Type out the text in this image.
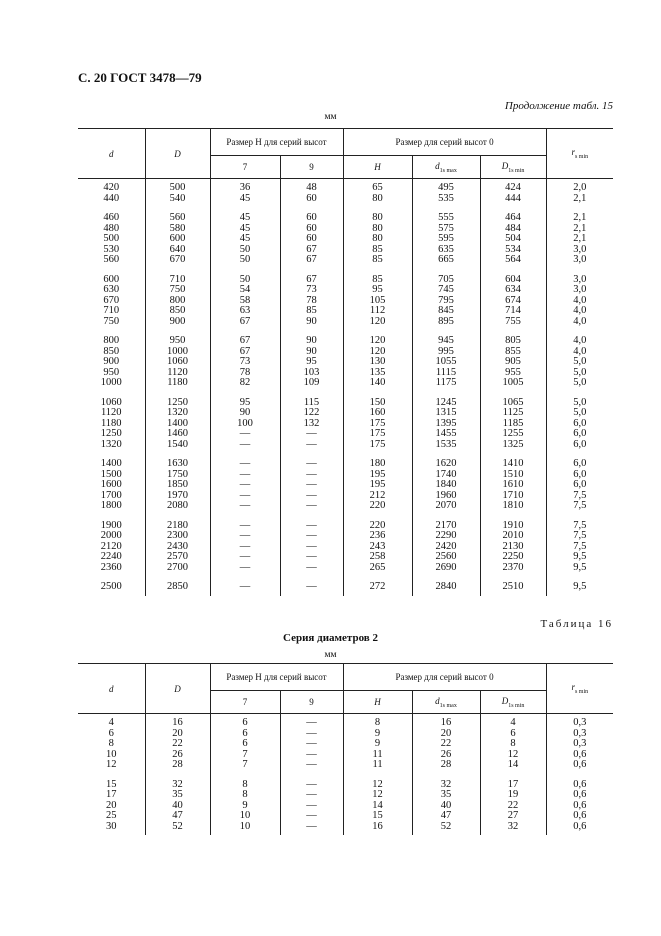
С. 20 ГОСТ 3478—79
Продолжение табл. 15
мм
d	D	Размер H для серий высот		Размер для серий высот 0			$r_{s min}$
		7	9	H	$d_{1s max}$	$D_{1s min}$
420	500	36	48	65	495	424	2,0
440	540	45	60	80	535	444	2,1

460	560	45	60	80	555	464	2,1
480	580	45	60	80	575	484	2,1
500	600	45	60	80	595	504	2,1
530	640	50	67	85	635	534	3,0
560	670	50	67	85	665	564	3,0

600	710	50	67	85	705	604	3,0
630	750	54	73	95	745	634	3,0
670	800	58	78	105	795	674	4,0
710	850	63	85	112	845	714	4,0
750	900	67	90	120	895	755	4,0

800	950	67	90	120	945	805	4,0
850	1000	67	90	120	995	855	4,0
900	1060	73	95	130	1055	905	5,0
950	1120	78	103	135	1115	955	5,0
1000	1180	82	109	140	1175	1005	5,0

1060	1250	95	115	150	1245	1065	5,0
1120	1320	90	122	160	1315	1125	5,0
1180	1400	100	132	175	1395	1185	6,0
1250	1460	—	—	175	1455	1255	6,0
1320	1540	—	—	175	1535	1325	6,0

1400	1630	—	—	180	1620	1410	6,0
1500	1750	—	—	195	1740	1510	6,0
1600	1850	—	—	195	1840	1610	6,0
1700	1970	—	—	212	1960	1710	7,5
1800	2080	—	—	220	2070	1810	7,5

1900	2180	—	—	220	2170	1910	7,5
2000	2300	—	—	236	2290	2010	7,5
2120	2430	—	—	243	2420	2130	7,5
2240	2570	—	—	258	2560	2250	9,5
2360	2700	—	—	265	2690	2370	9,5

2500	2850	—	—	272	2840	2510	9,5
Таблица 16
Серия диаметров 2
мм
d	D	Размер H для серий высот		Размер для серий высот 0			$r_{s min}$
		7	9	H	$d_{1s max}$	$D_{1s min}$
4	16	6	—	8	16	4	0,3
6	20	6	—	9	20	6	0,3
8	22	6	—	9	22	8	0,3
10	26	7	—	11	26	12	0,6
12	28	7	—	11	28	14	0,6

15	32	8	—	12	32	17	0,6
17	35	8	—	12	35	19	0,6
20	40	9	—	14	40	22	0,6
25	47	10	—	15	47	27	0,6
30	52	10	—	16	52	32	0,6
